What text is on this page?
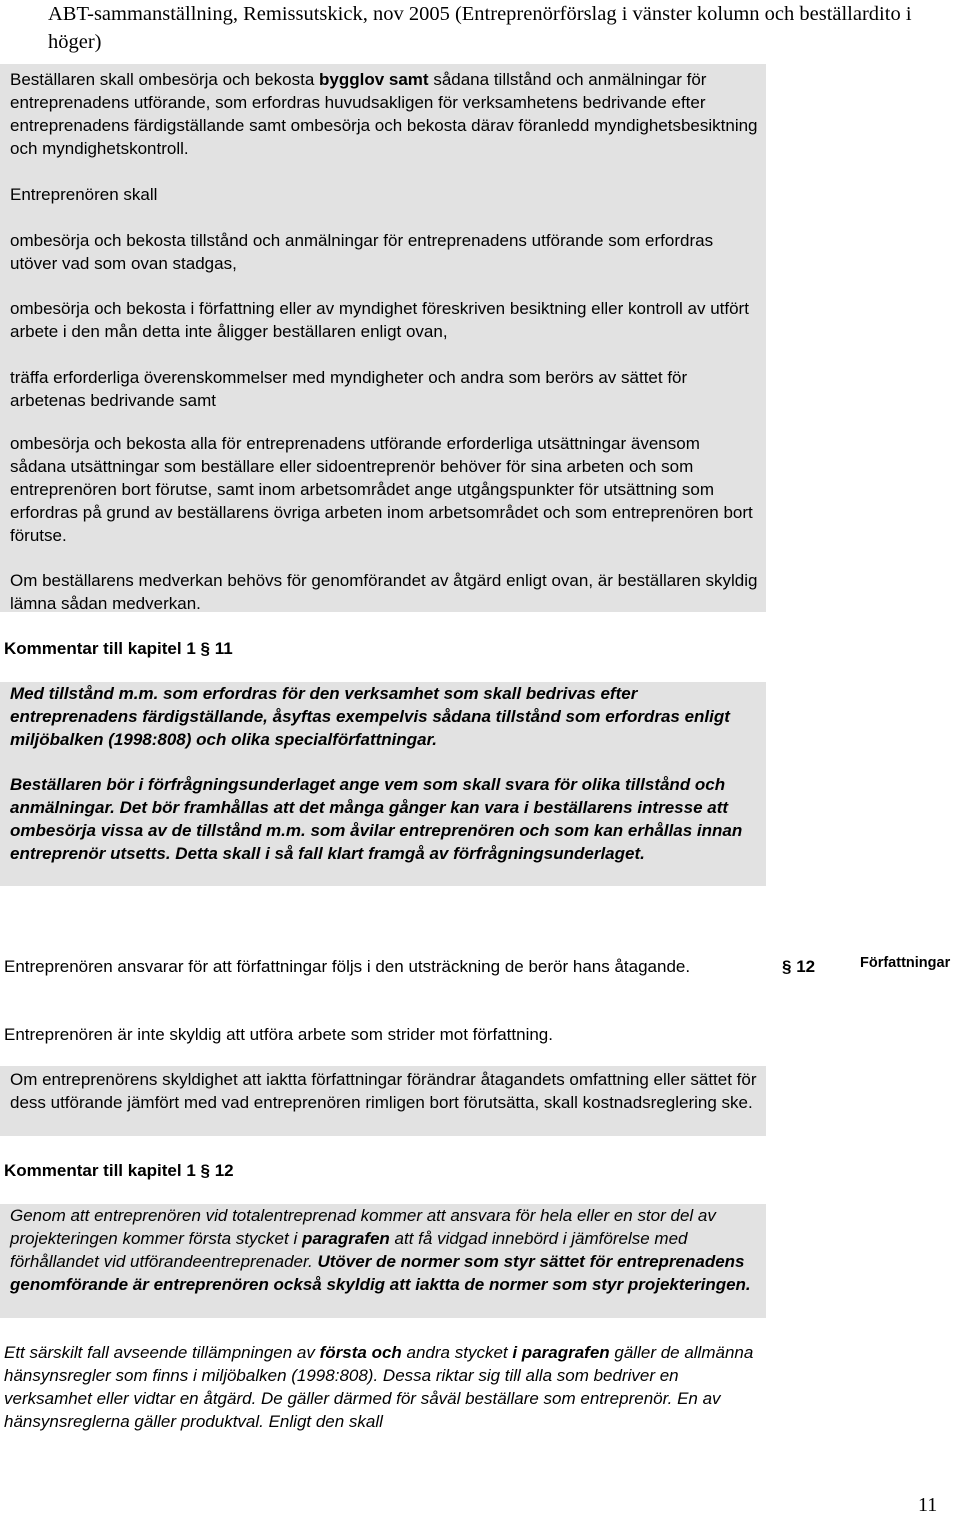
ABT-sammanställning, Remissutskick, nov 2005 (Entreprenörförslag i vänster kolumn och beställardito i höger)

Beställaren skall ombesörja och bekosta bygglov samt sådana tillstånd och anmälningar för entreprenadens utförande, som erfordras huvudsakligen för verksamhetens bedrivande efter entreprenadens färdigställande samt ombesörja och bekosta därav föranledd myndighetsbesiktning och myndighetskontroll.

Entreprenören skall

ombesörja och bekosta tillstånd och anmälningar för entreprenadens utförande som erfordras utöver vad som ovan stadgas,

ombesörja och bekosta i författning eller av myndighet föreskriven besiktning eller kontroll av utfört arbete i den mån detta inte åligger beställaren enligt ovan,

träffa erforderliga överenskommelser med myndigheter och andra som berörs av sättet för arbetenas bedrivande samt

ombesörja och bekosta alla för entreprenadens utförande erforderliga utsättningar ävensom sådana utsättningar som beställare eller sidoentreprenör behöver för sina arbeten och som entreprenören bort förutse, samt inom arbetsområdet ange utgångspunkter för utsättning som erfordras på grund av beställarens övriga arbeten inom arbetsområdet och som entreprenören bort förutse.

Om beställarens medverkan behövs för genomförandet av åtgärd enligt ovan, är beställaren skyldig lämna sådan medverkan.

Kommentar till kapitel 1 § 11

Med tillstånd m.m. som erfordras för den verksamhet som skall bedrivas efter entreprenadens färdigställande, åsyftas exempelvis sådana tillstånd som erfordras enligt miljöbalken (1998:808) och olika specialförfattningar.

Beställaren bör i förfrågningsunderlaget ange vem som skall svara för olika tillstånd och anmälningar. Det bör framhållas att det många gånger kan vara i beställarens intresse att ombesörja vissa av de tillstånd m.m. som åvilar entreprenören och som kan erhållas innan entreprenör utsetts. Detta skall i så fall klart framgå av förfrågningsunderlaget.

Entreprenören ansvarar för att författningar följs i den utsträckning de berör hans åtagande.	§ 12	Författningar

Entreprenören är inte skyldig att utföra arbete som strider mot författning.

Om entreprenörens skyldighet att iaktta författningar förändrar åtagandets omfattning eller sättet för dess utförande jämfört med vad entreprenören rimligen bort förutsätta, skall kostnadsreglering ske.

Kommentar till kapitel 1 § 12

Genom att entreprenören vid totalentreprenad kommer att ansvara för hela eller en stor del av projekteringen kommer första stycket i paragrafen att få vidgad innebörd i jämförelse med förhållandet vid utförandeentreprenader. Utöver de normer som styr sättet för entreprenadens genomförande är entreprenören också skyldig att iaktta de normer som styr projekteringen.

Ett särskilt fall avseende tillämpningen av första och andra stycket i paragrafen gäller de allmänna hänsynsregler som finns i miljöbalken (1998:808). Dessa riktar sig till alla som bedriver en verksamhet eller vidtar en åtgärd. De gäller därmed för såväl beställare som entreprenör. En av hänsynsreglerna gäller produktval. Enligt den skall

11
